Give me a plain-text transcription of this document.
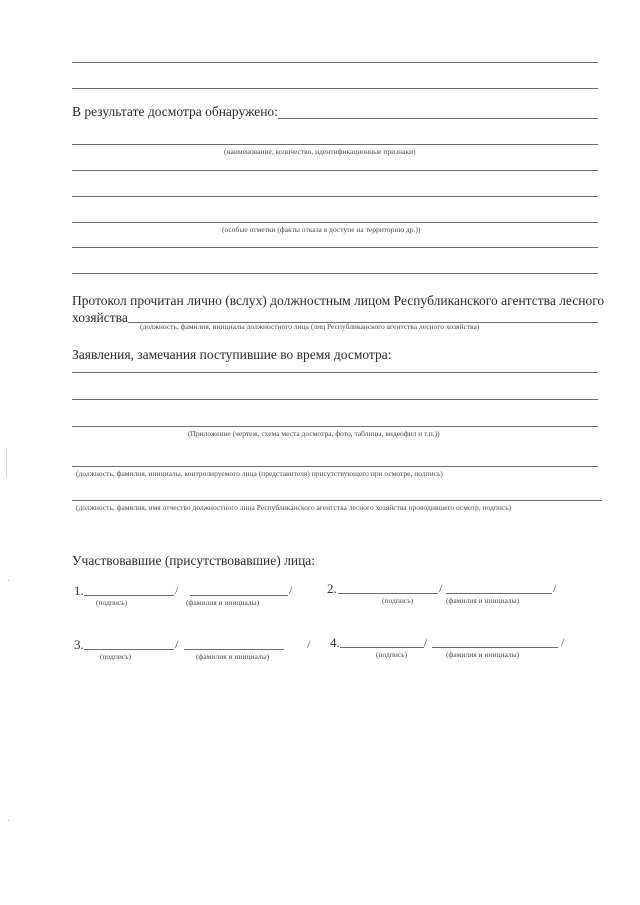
В результате досмотра обнаружено:
(наименование, количество, идентификационные признаки)
(особые отметки (факты отказа в доступе на территорию др.))
Протокол прочитан лично (вслух) должностным лицом Республиканского агентства лесного
хозяйства
(должность, фамилия, инициалы должностного лица (лиц Республиканского агентства лесного хозяйства)
Заявления, замечания поступившие во время досмотра:
(Приложение (чертеж, схема места досмотра, фото, таблицы, видеофил и т.п.))
(должность, фамилия, инициалы, контролируемого лица (представителя) присутствующего при осмотре, подпись)
(должность, фамилия, имя отчество должностного лица Республиканского агентства лесного хозяйства проводившего осмотр, подпись)
Участвовавшие (присутствовавшие) лица:
1.	/	/
(подпись)	(фамилия и инициалы)
2.	/	/
(подпись)	(фамилия и инициалы)
3.	/	/
(подпись)	(фамилия и инициалы)
4.	/	/
(подпись)	(фамилия и инициалы)
